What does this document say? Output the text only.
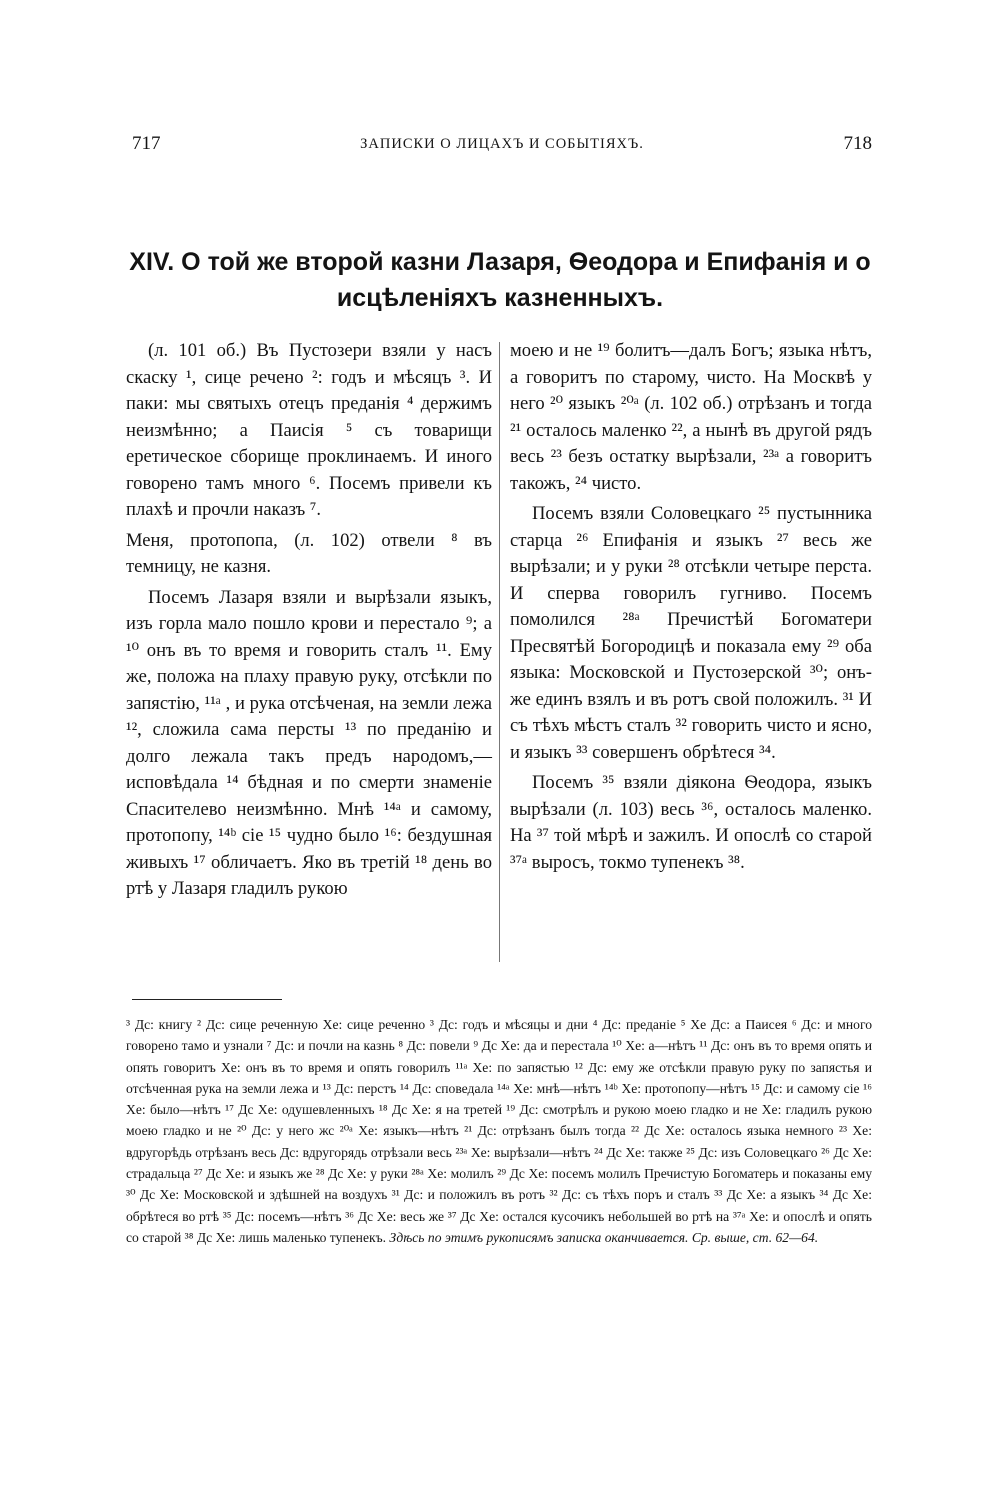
717	ЗАПИСКИ О ЛИЦАХЪ И СОБЫТІЯХЪ.	718
XIV. О той же второй казни Лазаря, Ѳеодора и Епифанія и о
исцѣленіяхъ казненныхъ.

(л. 101 об.) Въ Пустозери взяли у насъ скаску ¹, сице речено ²: годъ и мѣсяцъ ³. И паки: мы святыхъ отецъ преданія ⁴ держимъ неизмѣнно; а Паисія ⁵ съ товарищи еретическое сборище проклинаемъ. И иного говорено тамъ много ⁶. Посемъ привели къ плахѣ и прочли наказъ ⁷.

Меня, протопопа, (л. 102) отвели ⁸ въ темницу, не казня.

Посемъ Лазаря взяли и вырѣзали языкъ, изъ горла мало пошло крови и перестало ⁹; а ¹⁰ онъ въ то время и говорить сталъ ¹¹. Ему же, положа на плаху правую руку, отсѣкли по запястію, ¹¹ᵃ , и рука отсѣченая, на земли лежа ¹², сложила сама персты ¹³ по преданію и долго лежала такъ предъ народомъ,—исповѣдала ¹⁴ бѣдная и по смерти знаменіе Спасителево неизмѣнно. Мнѣ ¹⁴ᵃ и самому, протопопу, ¹⁴ᵇ сіе ¹⁵ чудно было ¹⁶: бездушная живыхъ ¹⁷ обличаетъ. Яко въ третій ¹⁸ день во ртѣ у Лазаря гладилъ рукою

моею и не ¹⁹ болитъ—далъ Богъ; языка нѣтъ, а говоритъ по старому, чисто. На Москвѣ у него ²⁰ языкъ ²⁰ᵃ (л. 102 об.) отрѣзанъ и тогда ²¹ осталось маленко ²², а нынѣ въ другой рядъ весь ²³ безъ остатку вырѣзали, ²³ᵃ а говоритъ такожъ, ²⁴ чисто.

Посемъ взяли Соловецкаго ²⁵ пустынника старца ²⁶ Епифанія и языкъ ²⁷ весь же вырѣзали; и у руки ²⁸ отсѣкли четыре перста. И сперва говорилъ гугниво. Посемъ помолился ²⁸ᵃ Пречистѣй Богоматери Пресвятѣй Богородицѣ и показала ему ²⁹ оба языка: Московской и Пустозерской ³⁰; онъ-же единъ взялъ и въ ротъ свой положилъ. ³¹ И съ тѣхъ мѣстъ сталъ ³² говорить чисто и ясно, и языкъ ³³ совершенъ обрѣтеся ³⁴.

Посемъ ³⁵ взяли діякона Ѳеодора, языкъ вырѣзали (л. 103) весь ³⁶, осталось маленко. На ³⁷ той мѣрѣ и зажилъ. И опослѣ со старой ³⁷ᵃ выросъ, токмо тупенекъ ³⁸.

³ Дс: книгу ² Дс: сице реченную Хе: сице реченно ³ Дс: годъ и мѣсяцы и дни ⁴ Дс: преданіе ⁵ Хе Дс: а Паисея ⁶ Дс: и много говорено тамо и узнали ⁷ Дс: и почли на казнь ⁸ Дс: повели ⁹ Дс Хе: да и перестала ¹⁰ Хе: а—нѣтъ ¹¹ Дс: онъ въ то время опять и опять говоритъ Хе: онъ въ то время и опять говорилъ ¹¹ᵃ Хе: по запястью ¹² Дс: ему же отсѣкли правую руку по запястья и отсѣченная рука на земли лежа и ¹³ Дс: перстъ ¹⁴ Дс: споведала ¹⁴ᵃ Хе: мнѣ—нѣтъ ¹⁴ᵇ Хе: протопопу—нѣтъ ¹⁵ Дс: и самому сіе ¹⁶ Хе: было—нѣтъ ¹⁷ Дс Хе: одушевленныхъ ¹⁸ Дс Хе: я на третей ¹⁹ Дс: смотрѣлъ и рукою моею гладко и не Хе: гладилъ рукою моею гладко и не ²⁰ Дс: у него жс ²⁰ᵃ Хе: языкъ—нѣтъ ²¹ Дс: отрѣзанъ былъ тогда ²² Дс Хе: осталось языка немного ²³ Хе: вдругорѣдь отрѣзанъ весь Дс: вдругорядь отрѣзали весь ²³ᵃ Хе: вырѣзали—нѣтъ ²⁴ Дс Хе: также ²⁵ Дс: изъ Соловецкаго ²⁶ Дс Хе: страдальца ²⁷ Дс Хе: и языкъ же ²⁸ Дс Хе: у руки ²⁸ᵃ Хе: молилъ ²⁹ Дс Хе: посемъ молилъ Пречистую Богоматерь и показаны ему ³⁰ Дс Хе: Московской и здѣшней на воздухъ ³¹ Дс: и положилъ въ ротъ ³² Дс: съ тѣхъ поръ и сталъ ³³ Дс Хе: а языкъ ³⁴ Дс Хе: обрѣтеся во ртѣ ³⁵ Дс: посемъ—нѣтъ ³⁶ Дс Хе: весь же ³⁷ Дс Хе: остался кусочикъ небольшей во ртѣ на ³⁷ᵃ Хе: и опослѣ и опять со старой ³⁸ Дс Хе: лишь маленько тупенекъ. Здѣсь по этимъ рукописямъ записка оканчивается. Ср. выше, ст. 62—64.
